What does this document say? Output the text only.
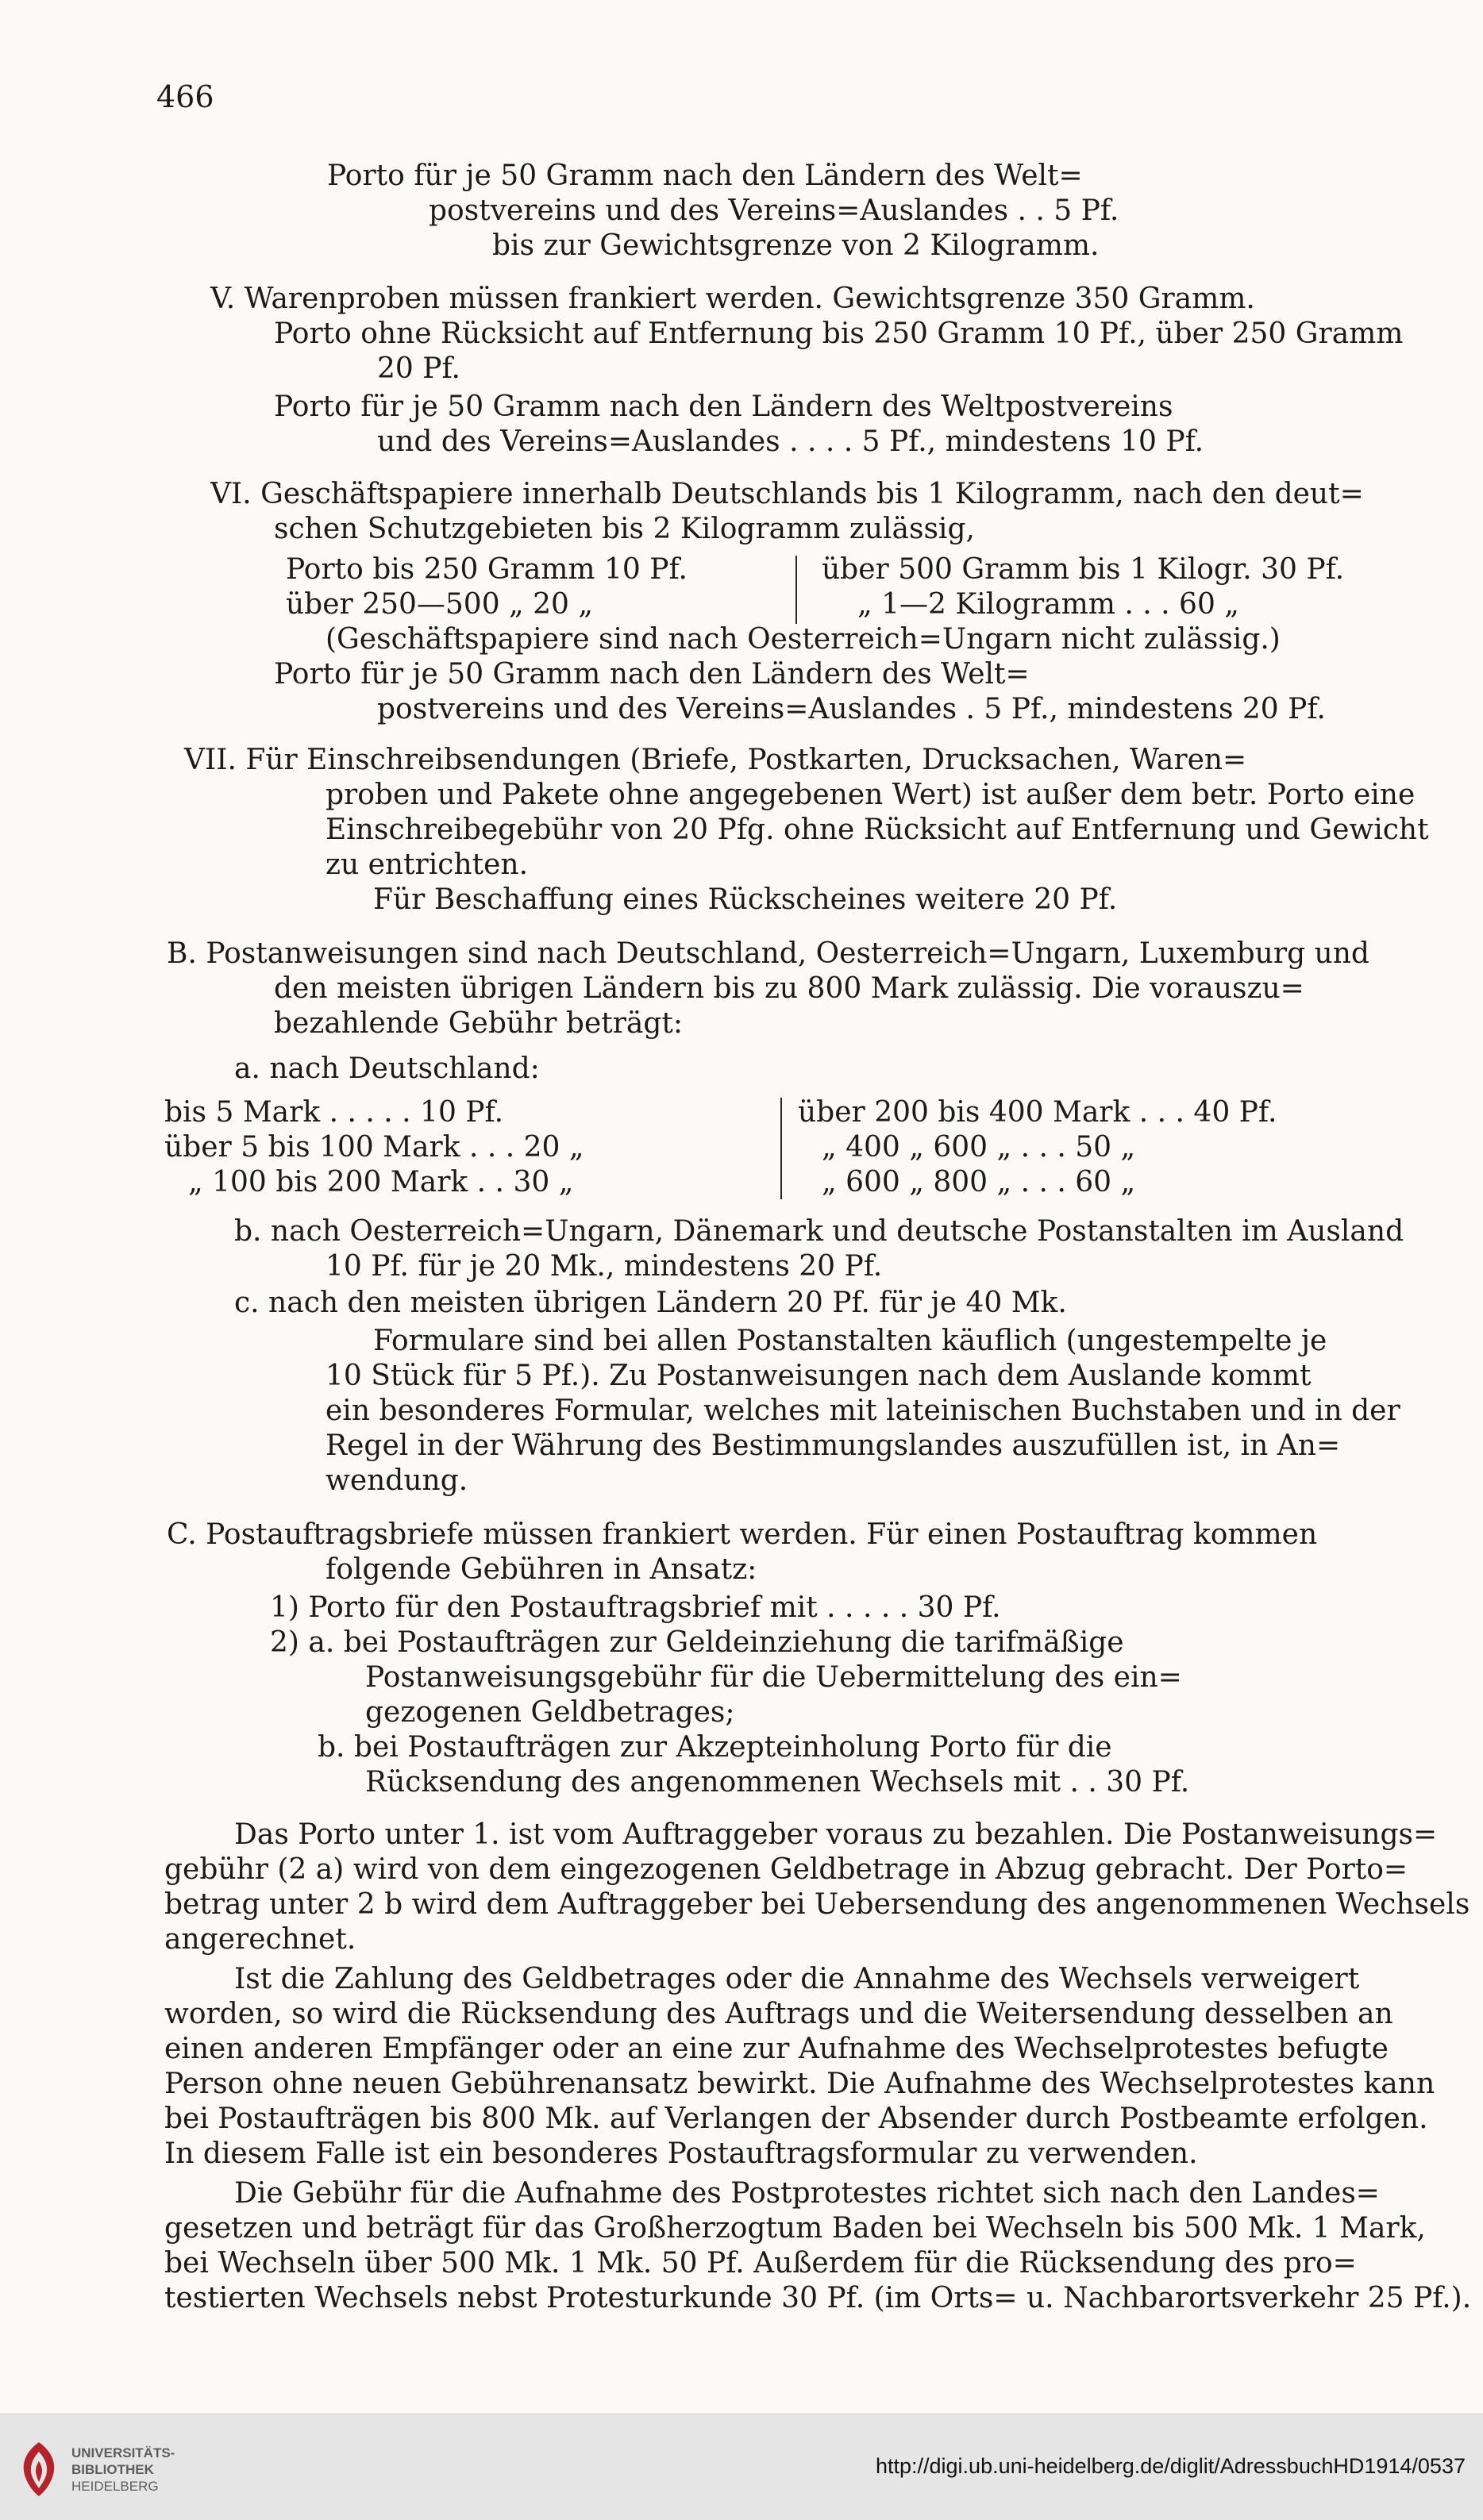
466
Porto für je 50 Gramm nach den Ländern des Welt=
postvereins und des Vereins=Auslandes . . 5 Pf.
bis zur Gewichtsgrenze von 2 Kilogramm.
V. Warenproben müssen frankiert werden. Gewichtsgrenze 350 Gramm.
Porto ohne Rücksicht auf Entfernung bis 250 Gramm 10 Pf., über 250 Gramm
20 Pf.
Porto für je 50 Gramm nach den Ländern des Weltpostvereins
und des Vereins=Auslandes . . . . 5 Pf., mindestens 10 Pf.
VI. Geschäftspapiere innerhalb Deutschlands bis 1 Kilogramm, nach den deut=
schen Schutzgebieten bis 2 Kilogramm zulässig,
Porto bis 250 Gramm 10 Pf.	über 500 Gramm bis 1 Kilogr. 30 Pf.
über 250—500 „ 20 „	„ 1—2 Kilogramm . . . 60 „
(Geschäftspapiere sind nach Oesterreich=Ungarn nicht zulässig.)
Porto für je 50 Gramm nach den Ländern des Welt=
postvereins und des Vereins=Auslandes . 5 Pf., mindestens 20 Pf.
VII. Für Einschreibsendungen (Briefe, Postkarten, Drucksachen, Waren=
proben und Pakete ohne angegebenen Wert) ist außer dem betr. Porto eine
Einschreibegebühr von 20 Pfg. ohne Rücksicht auf Entfernung und Gewicht
zu entrichten.
Für Beschaffung eines Rückscheines weitere 20 Pf.
B. Postanweisungen sind nach Deutschland, Oesterreich=Ungarn, Luxemburg und
den meisten übrigen Ländern bis zu 800 Mark zulässig. Die vorauszu=
bezahlende Gebühr beträgt:
a. nach Deutschland:
bis 5 Mark . . . . . 10 Pf.	über 200 bis 400 Mark . . . 40 Pf.
über 5 bis 100 Mark . . . 20 „	„ 400 „ 600 „ . . . 50 „
„ 100 bis 200 Mark . . 30 „	„ 600 „ 800 „ . . . 60 „
b. nach Oesterreich=Ungarn, Dänemark und deutsche Postanstalten im Ausland
10 Pf. für je 20 Mk., mindestens 20 Pf.
c. nach den meisten übrigen Ländern 20 Pf. für je 40 Mk.
Formulare sind bei allen Postanstalten käuflich (ungestempelte je
10 Stück für 5 Pf.). Zu Postanweisungen nach dem Auslande kommt
ein besonderes Formular, welches mit lateinischen Buchstaben und in der
Regel in der Währung des Bestimmungslandes auszufüllen ist, in An=
wendung.
C. Postauftragsbriefe müssen frankiert werden. Für einen Postauftrag kommen
folgende Gebühren in Ansatz:
1) Porto für den Postauftragsbrief mit . . . . . 30 Pf.
2) a. bei Postaufträgen zur Geldeinziehung die tarifmäßige
Postanweisungsgebühr für die Uebermittelung des ein=
gezogenen Geldbetrages;
b. bei Postaufträgen zur Akzepteinholung Porto für die
Rücksendung des angenommenen Wechsels mit . . 30 Pf.
Das Porto unter 1. ist vom Auftraggeber voraus zu bezahlen. Die Postanweisungs=
gebühr (2 a) wird von dem eingezogenen Geldbetrage in Abzug gebracht. Der Porto=
betrag unter 2 b wird dem Auftraggeber bei Uebersendung des angenommenen Wechsels
angerechnet.
Ist die Zahlung des Geldbetrages oder die Annahme des Wechsels verweigert
worden, so wird die Rücksendung des Auftrags und die Weitersendung desselben an
einen anderen Empfänger oder an eine zur Aufnahme des Wechselprotestes befugte
Person ohne neuen Gebührenansatz bewirkt. Die Aufnahme des Wechselprotestes kann
bei Postaufträgen bis 800 Mk. auf Verlangen der Absender durch Postbeamte erfolgen.
In diesem Falle ist ein besonderes Postauftragsformular zu verwenden.
Die Gebühr für die Aufnahme des Postprotestes richtet sich nach den Landes=
gesetzen und beträgt für das Großherzogtum Baden bei Wechseln bis 500 Mk. 1 Mark,
bei Wechseln über 500 Mk. 1 Mk. 50 Pf. Außerdem für die Rücksendung des pro=
testierten Wechsels nebst Protesturkunde 30 Pf. (im Orts= u. Nachbarortsverkehr 25 Pf.).
UNIVERSITÄTS-
BIBLIOTHEK
HEIDELBERG
http://digi.ub.uni-heidelberg.de/diglit/AdressbuchHD1914/0537
